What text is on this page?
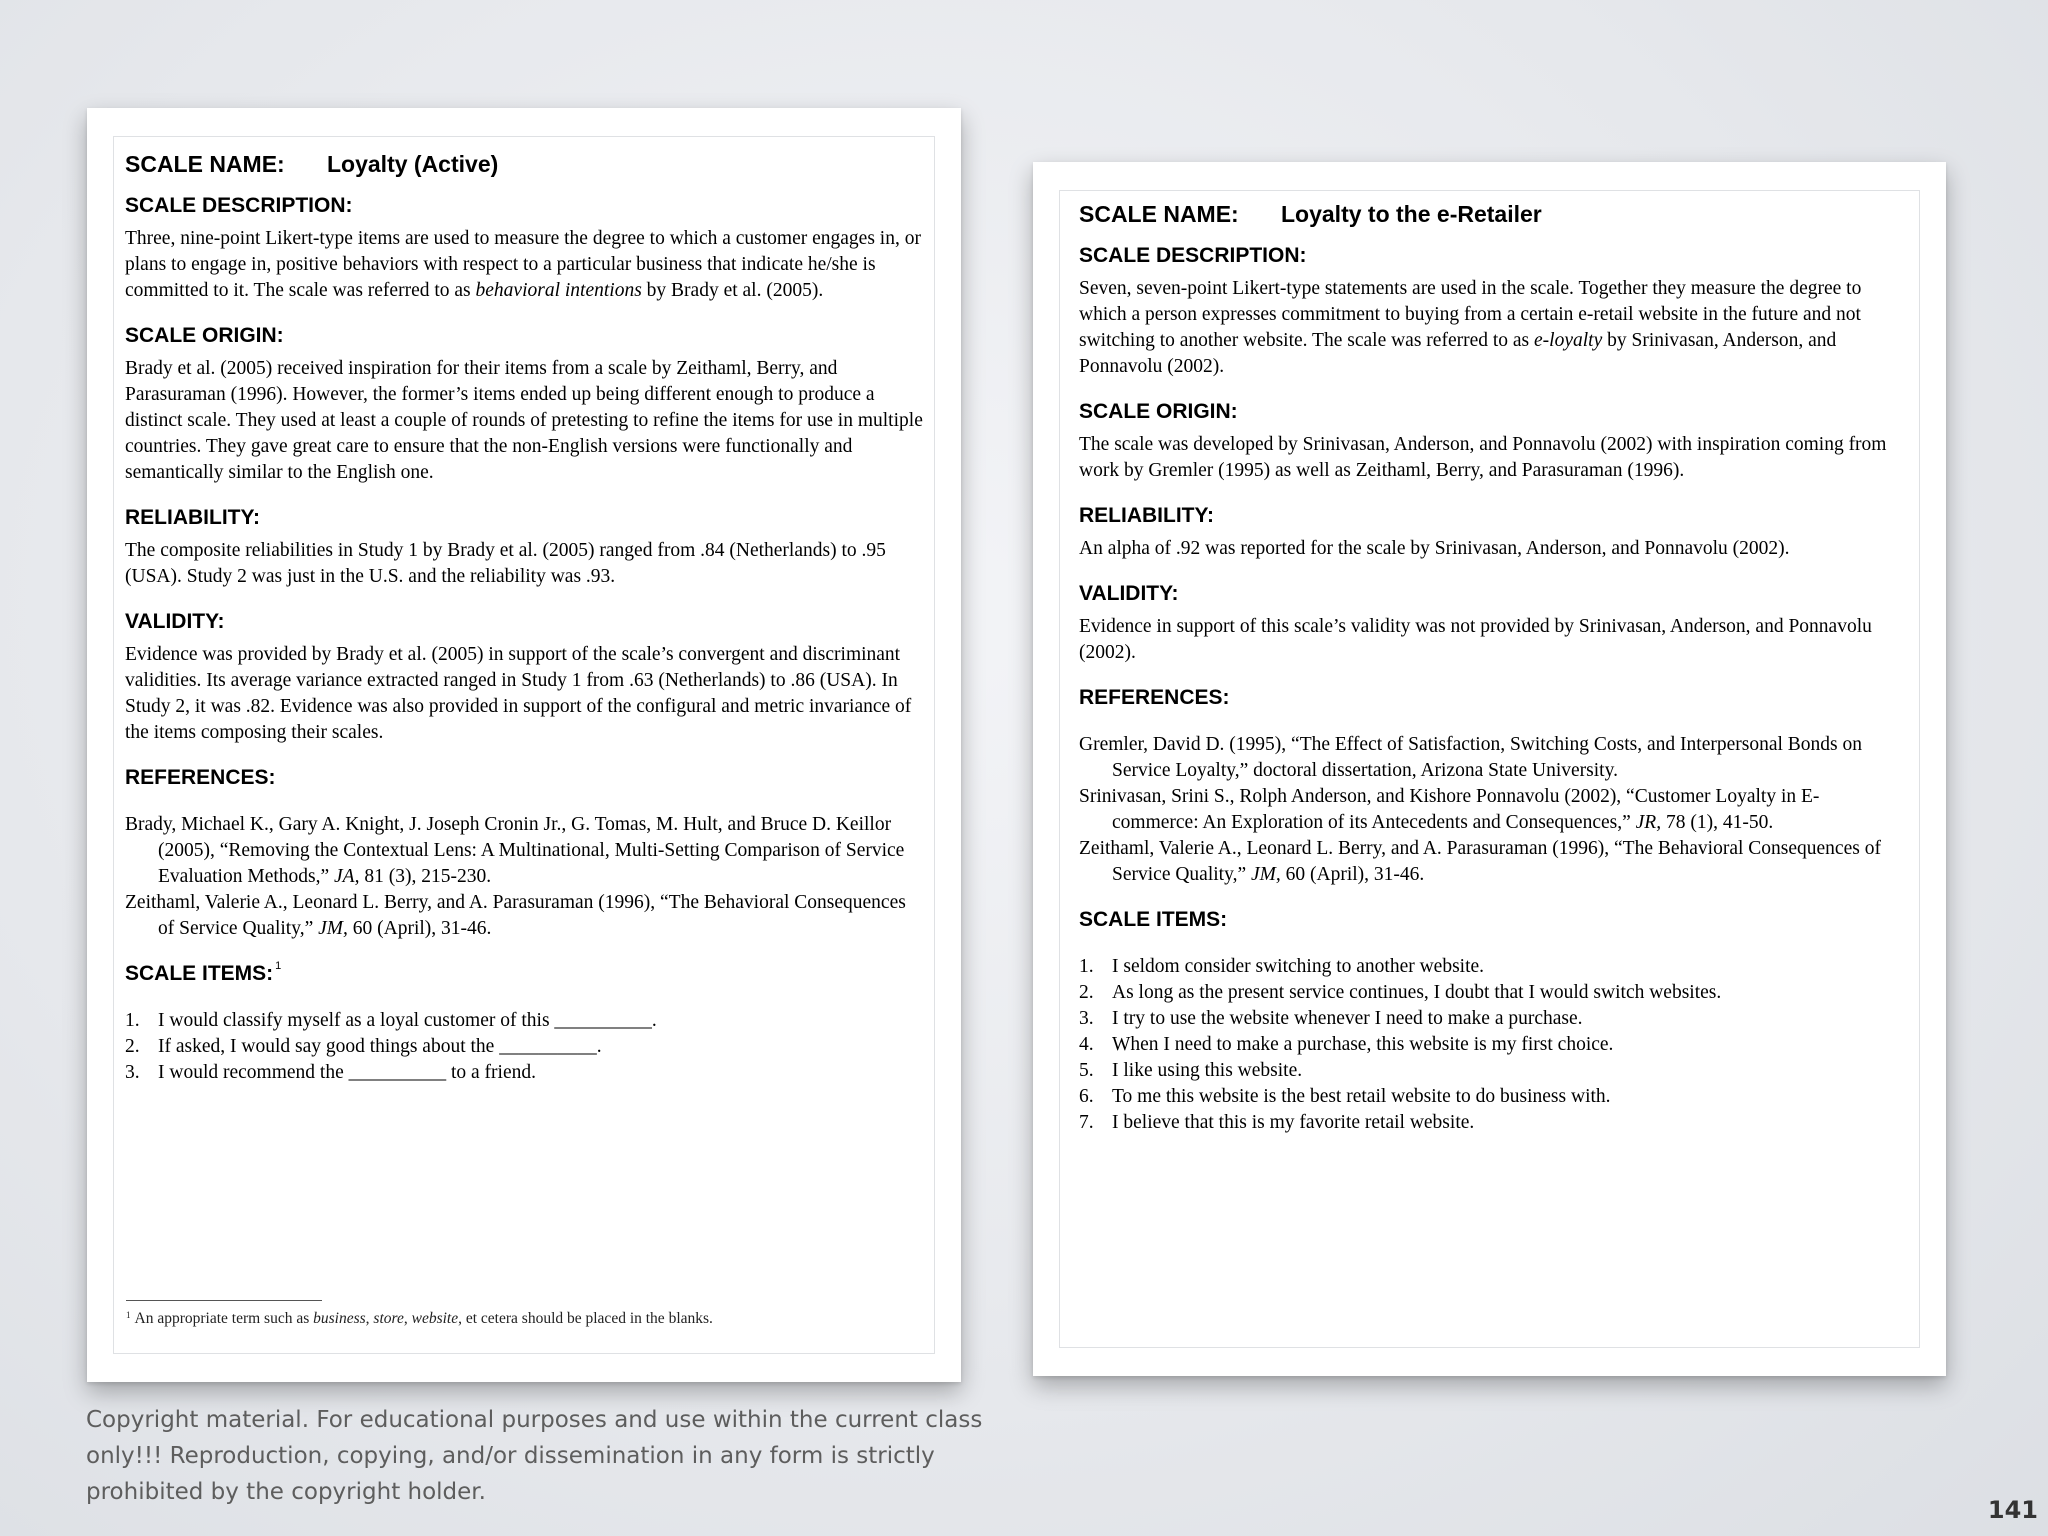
SCALE NAME: Loyalty (Active)
SCALE DESCRIPTION:
Three, nine-point Likert-type items are used to measure the degree to which a customer engages in, or plans to engage in, positive behaviors with respect to a particular business that indicate he/she is committed to it. The scale was referred to as behavioral intentions by Brady et al. (2005).
SCALE ORIGIN:
Brady et al. (2005) received inspiration for their items from a scale by Zeithaml, Berry, and Parasuraman (1996). However, the former’s items ended up being different enough to produce a distinct scale. They used at least a couple of rounds of pretesting to refine the items for use in multiple countries. They gave great care to ensure that the non-English versions were functionally and semantically similar to the English one.
RELIABILITY:
The composite reliabilities in Study 1 by Brady et al. (2005) ranged from .84 (Netherlands) to .95 (USA). Study 2 was just in the U.S. and the reliability was .93.
VALIDITY:
Evidence was provided by Brady et al. (2005) in support of the scale’s convergent and discriminant validities. Its average variance extracted ranged in Study 1 from .63 (Netherlands) to .86 (USA). In Study 2, it was .82. Evidence was also provided in support of the configural and metric invariance of the items composing their scales.
REFERENCES:
Brady, Michael K., Gary A. Knight, J. Joseph Cronin Jr., G. Tomas, M. Hult, and Bruce D. Keillor (2005), “Removing the Contextual Lens: A Multinational, Multi-Setting Comparison of Service Evaluation Methods,” JA, 81 (3), 215-230.
Zeithaml, Valerie A., Leonard L. Berry, and A. Parasuraman (1996), “The Behavioral Consequences of Service Quality,” JM, 60 (April), 31-46.
SCALE ITEMS: $^1$
1. I would classify myself as a loyal customer of this __________.
2. If asked, I would say good things about the __________.
3. I would recommend the __________ to a friend.
$^1$ An appropriate term such as business, store, website, et cetera should be placed in the blanks.
SCALE NAME: Loyalty to the e-Retailer
SCALE DESCRIPTION:
Seven, seven-point Likert-type statements are used in the scale. Together they measure the degree to which a person expresses commitment to buying from a certain e-retail website in the future and not switching to another website. The scale was referred to as e-loyalty by Srinivasan, Anderson, and Ponnavolu (2002).
SCALE ORIGIN:
The scale was developed by Srinivasan, Anderson, and Ponnavolu (2002) with inspiration coming from work by Gremler (1995) as well as Zeithaml, Berry, and Parasuraman (1996).
RELIABILITY:
An alpha of .92 was reported for the scale by Srinivasan, Anderson, and Ponnavolu (2002).
VALIDITY:
Evidence in support of this scale’s validity was not provided by Srinivasan, Anderson, and Ponnavolu (2002).
REFERENCES:
Gremler, David D. (1995), “The Effect of Satisfaction, Switching Costs, and Interpersonal Bonds on Service Loyalty,” doctoral dissertation, Arizona State University.
Srinivasan, Srini S., Rolph Anderson, and Kishore Ponnavolu (2002), “Customer Loyalty in E-commerce: An Exploration of its Antecedents and Consequences,” JR, 78 (1), 41-50.
Zeithaml, Valerie A., Leonard L. Berry, and A. Parasuraman (1996), “The Behavioral Consequences of Service Quality,” JM, 60 (April), 31-46.
SCALE ITEMS:
1. I seldom consider switching to another website.
2. As long as the present service continues, I doubt that I would switch websites.
3. I try to use the website whenever I need to make a purchase.
4. When I need to make a purchase, this website is my first choice.
5. I like using this website.
6. To me this website is the best retail website to do business with.
7. I believe that this is my favorite retail website.
Copyright material. For educational purposes and use within the current class only!!! Reproduction, copying, and/or dissemination in any form is strictly prohibited by the copyright holder.
141
